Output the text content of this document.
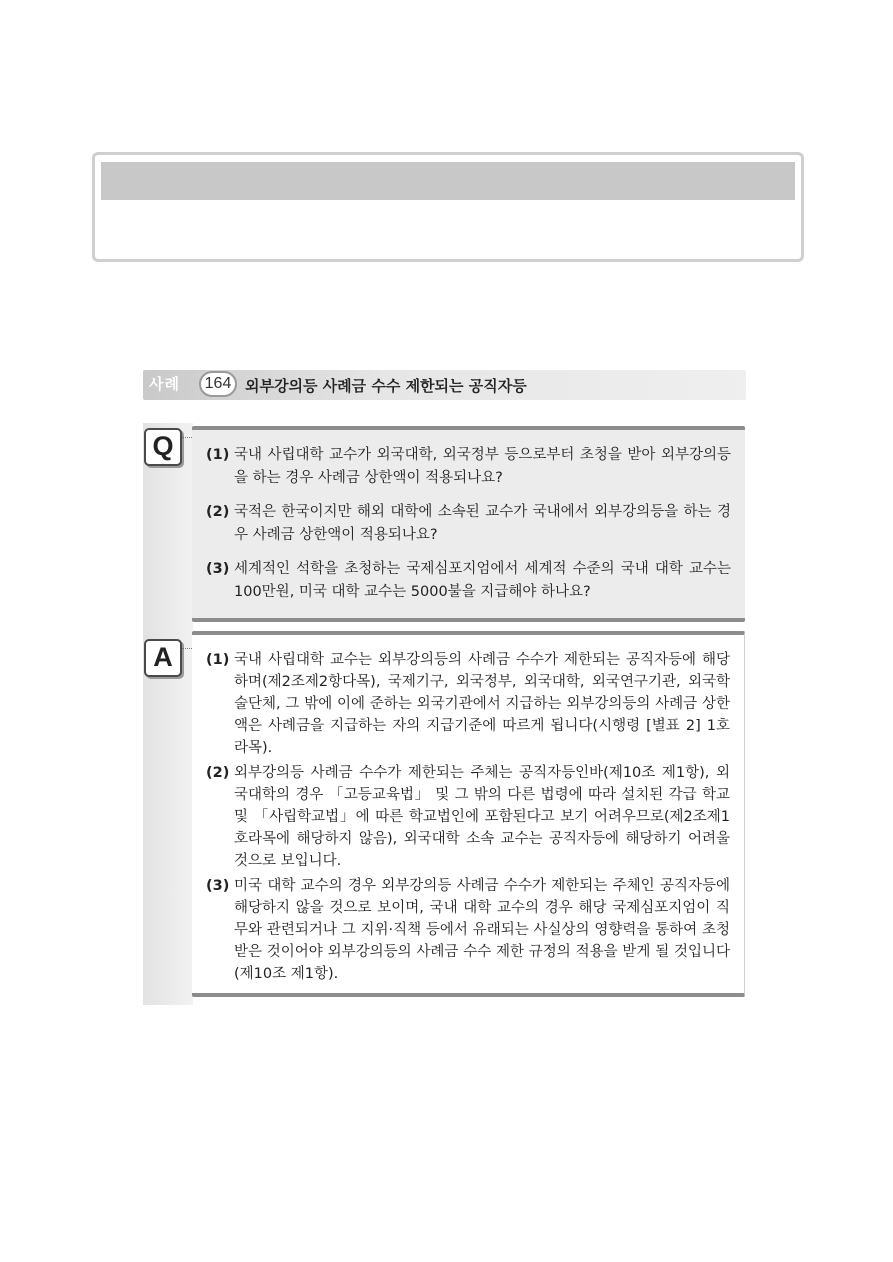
사례	164 외부강의등 사례금 수수 제한되는 공직자등
Q	(1) 국내 사립대학 교수가 외국대학, 외국정부 등으로부터 초청을 받아 외부강의등을 하는 경우 사례금 상한액이 적용되나요?
(2) 국적은 한국이지만 해외 대학에 소속된 교수가 국내에서 외부강의등을 하는 경우 사례금 상한액이 적용되나요?
(3) 세계적인 석학을 초청하는 국제심포지엄에서 세계적 수준의 국내 대학 교수는 100만원, 미국 대학 교수는 5000불을 지급해야 하나요?
A	(1) 국내 사립대학 교수는 외부강의등의 사례금 수수가 제한되는 공직자등에 해당하며(제2조제2항다목), 국제기구, 외국정부, 외국대학, 외국연구기관, 외국학술단체, 그 밖에 이에 준하는 외국기관에서 지급하는 외부강의등의 사례금 상한액은 사례금을 지급하는 자의 지급기준에 따르게 됩니다(시행령 [별표 2] 1호라목).
(2) 외부강의등 사례금 수수가 제한되는 주체는 공직자등인바(제10조 제1항), 외국대학의 경우 「고등교육법」 및 그 밖의 다른 법령에 따라 설치된 각급 학교 및 「사립학교법」에 따른 학교법인에 포함된다고 보기 어려우므로(제2조제1호라목에 해당하지 않음), 외국대학 소속 교수는 공직자등에 해당하기 어려울 것으로 보입니다.
(3) 미국 대학 교수의 경우 외부강의등 사례금 수수가 제한되는 주체인 공직자등에 해당하지 않을 것으로 보이며, 국내 대학 교수의 경우 해당 국제심포지엄이 직무와 관련되거나 그 지위·직책 등에서 유래되는 사실상의 영향력을 통하여 초청받은 것이어야 외부강의등의 사례금 수수 제한 규정의 적용을 받게 될 것입니다(제10조 제1항).
